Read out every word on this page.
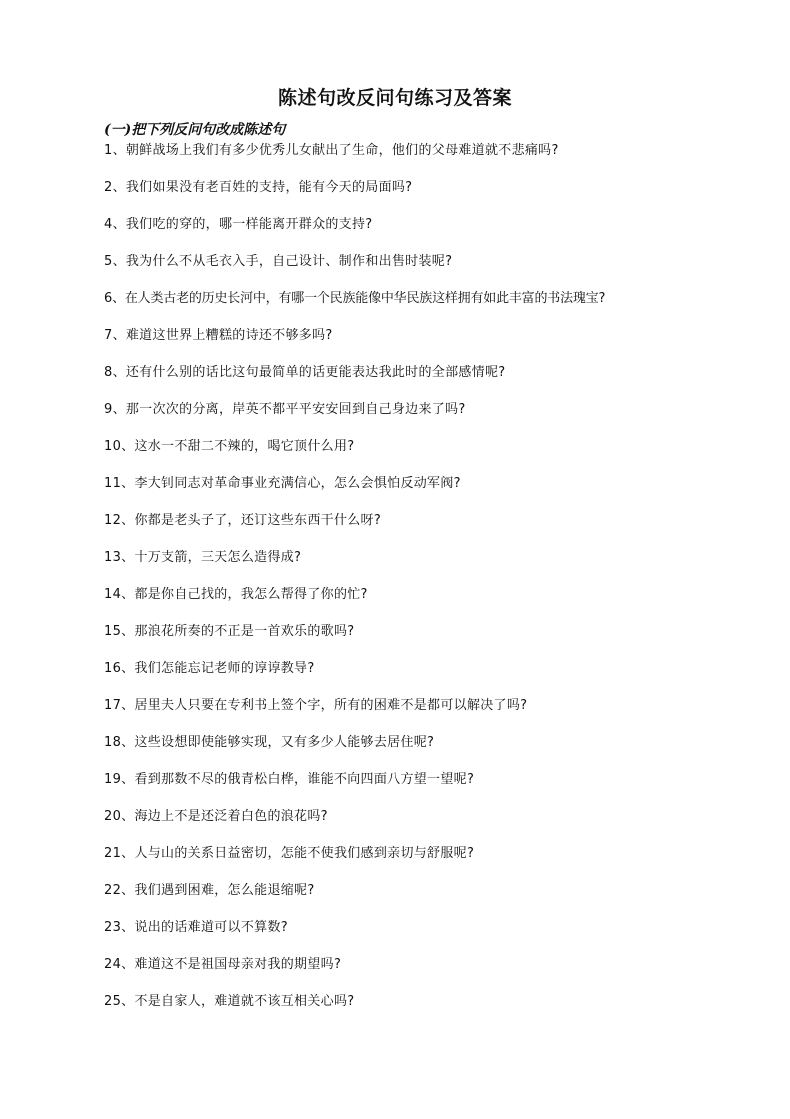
陈述句改反问句练习及答案
(一)把下列反问句改成陈述句
1、朝鲜战场上我们有多少优秀儿女献出了生命，他们的父母难道就不悲痛吗?
2、我们如果没有老百姓的支持，能有今天的局面吗?
4、我们吃的穿的，哪一样能离开群众的支持?
5、我为什么不从毛衣入手，自己设计、制作和出售时装呢?
6、在人类古老的历史长河中，有哪一个民族能像中华民族这样拥有如此丰富的书法瑰宝?
7、难道这世界上糟糕的诗还不够多吗?
8、还有什么别的话比这句最简单的话更能表达我此时的全部感情呢?
9、那一次次的分离，岸英不都平平安安回到自己身边来了吗?
10、这水一不甜二不辣的，喝它顶什么用?
11、李大钊同志对革命事业充满信心，怎么会惧怕反动军阀?
12、你都是老头子了，还订这些东西干什么呀?
13、十万支箭，三天怎么造得成?
14、都是你自己找的，我怎么帮得了你的忙?
15、那浪花所奏的不正是一首欢乐的歌吗?
16、我们怎能忘记老师的谆谆教导?
17、居里夫人只要在专利书上签个字，所有的困难不是都可以解决了吗?
18、这些设想即使能够实现，又有多少人能够去居住呢?
19、看到那数不尽的俄青松白桦，谁能不向四面八方望一望呢?
20、海边上不是还泛着白色的浪花吗?
21、人与山的关系日益密切，怎能不使我们感到亲切与舒服呢?
22、我们遇到困难，怎么能退缩呢?
23、说出的话难道可以不算数?
24、难道这不是祖国母亲对我的期望吗?
25、不是自家人，难道就不该互相关心吗?
